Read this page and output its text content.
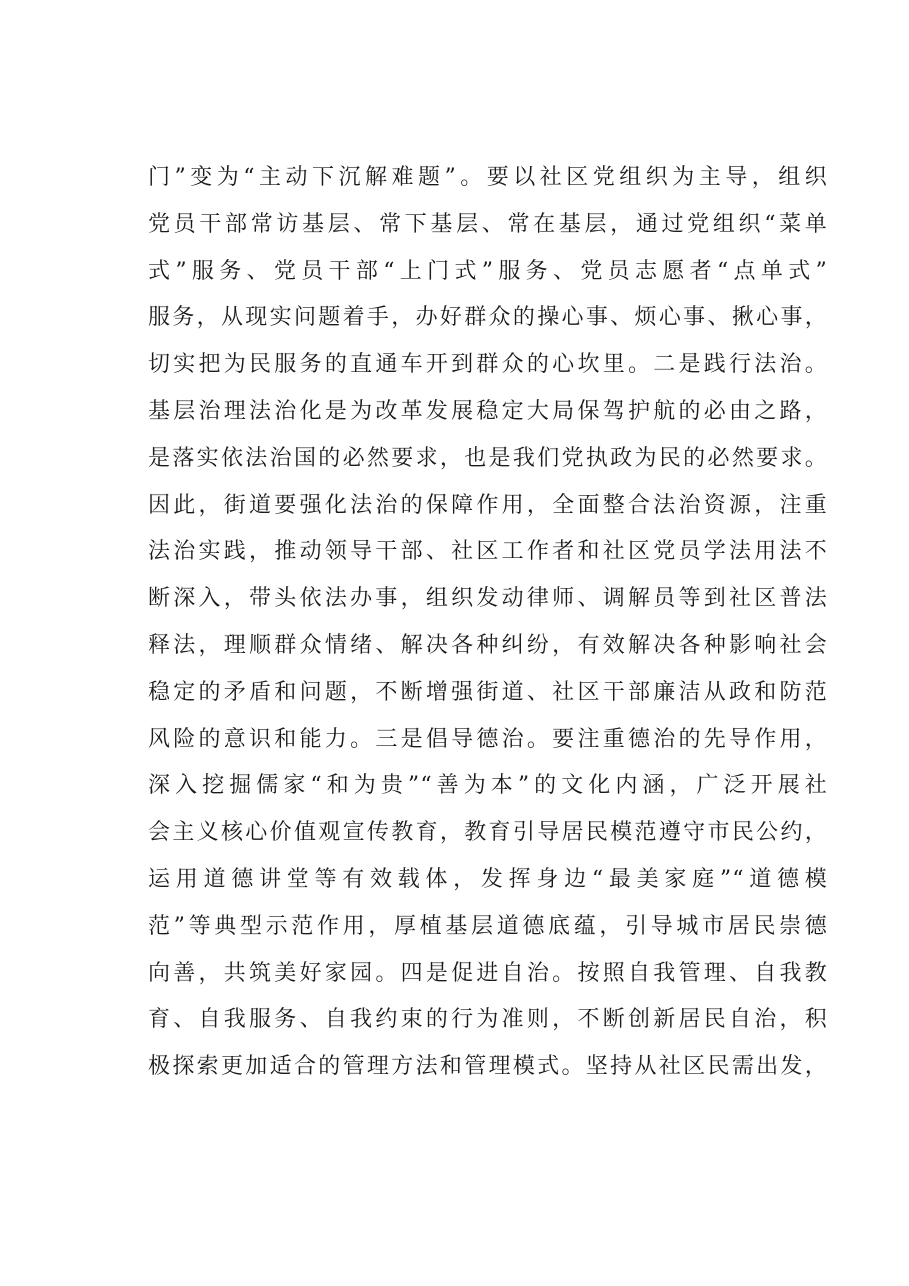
门”变为“主动下沉解难题”。要以社区党组织为主导，组织
党员干部常访基层、常下基层、常在基层，通过党组织“菜单
式”服务、党员干部“上门式”服务、党员志愿者“点单式”
服务，从现实问题着手，办好群众的操心事、烦心事、揪心事，
切实把为民服务的直通车开到群众的心坎里。二是践行法治。
基层治理法治化是为改革发展稳定大局保驾护航的必由之路，
是落实依法治国的必然要求，也是我们党执政为民的必然要求。
因此，街道要强化法治的保障作用，全面整合法治资源，注重
法治实践，推动领导干部、社区工作者和社区党员学法用法不
断深入，带头依法办事，组织发动律师、调解员等到社区普法
释法，理顺群众情绪、解决各种纠纷，有效解决各种影响社会
稳定的矛盾和问题，不断增强街道、社区干部廉洁从政和防范
风险的意识和能力。三是倡导德治。要注重德治的先导作用，
深入挖掘儒家“和为贵”“善为本”的文化内涵，广泛开展社
会主义核心价值观宣传教育，教育引导居民模范遵守市民公约，
运用道德讲堂等有效载体，发挥身边“最美家庭”“道德模
范”等典型示范作用，厚植基层道德底蕴，引导城市居民崇德
向善，共筑美好家园。四是促进自治。按照自我管理、自我教
育、自我服务、自我约束的行为准则，不断创新居民自治，积
极探索更加适合的管理方法和管理模式。坚持从社区民需出发，
